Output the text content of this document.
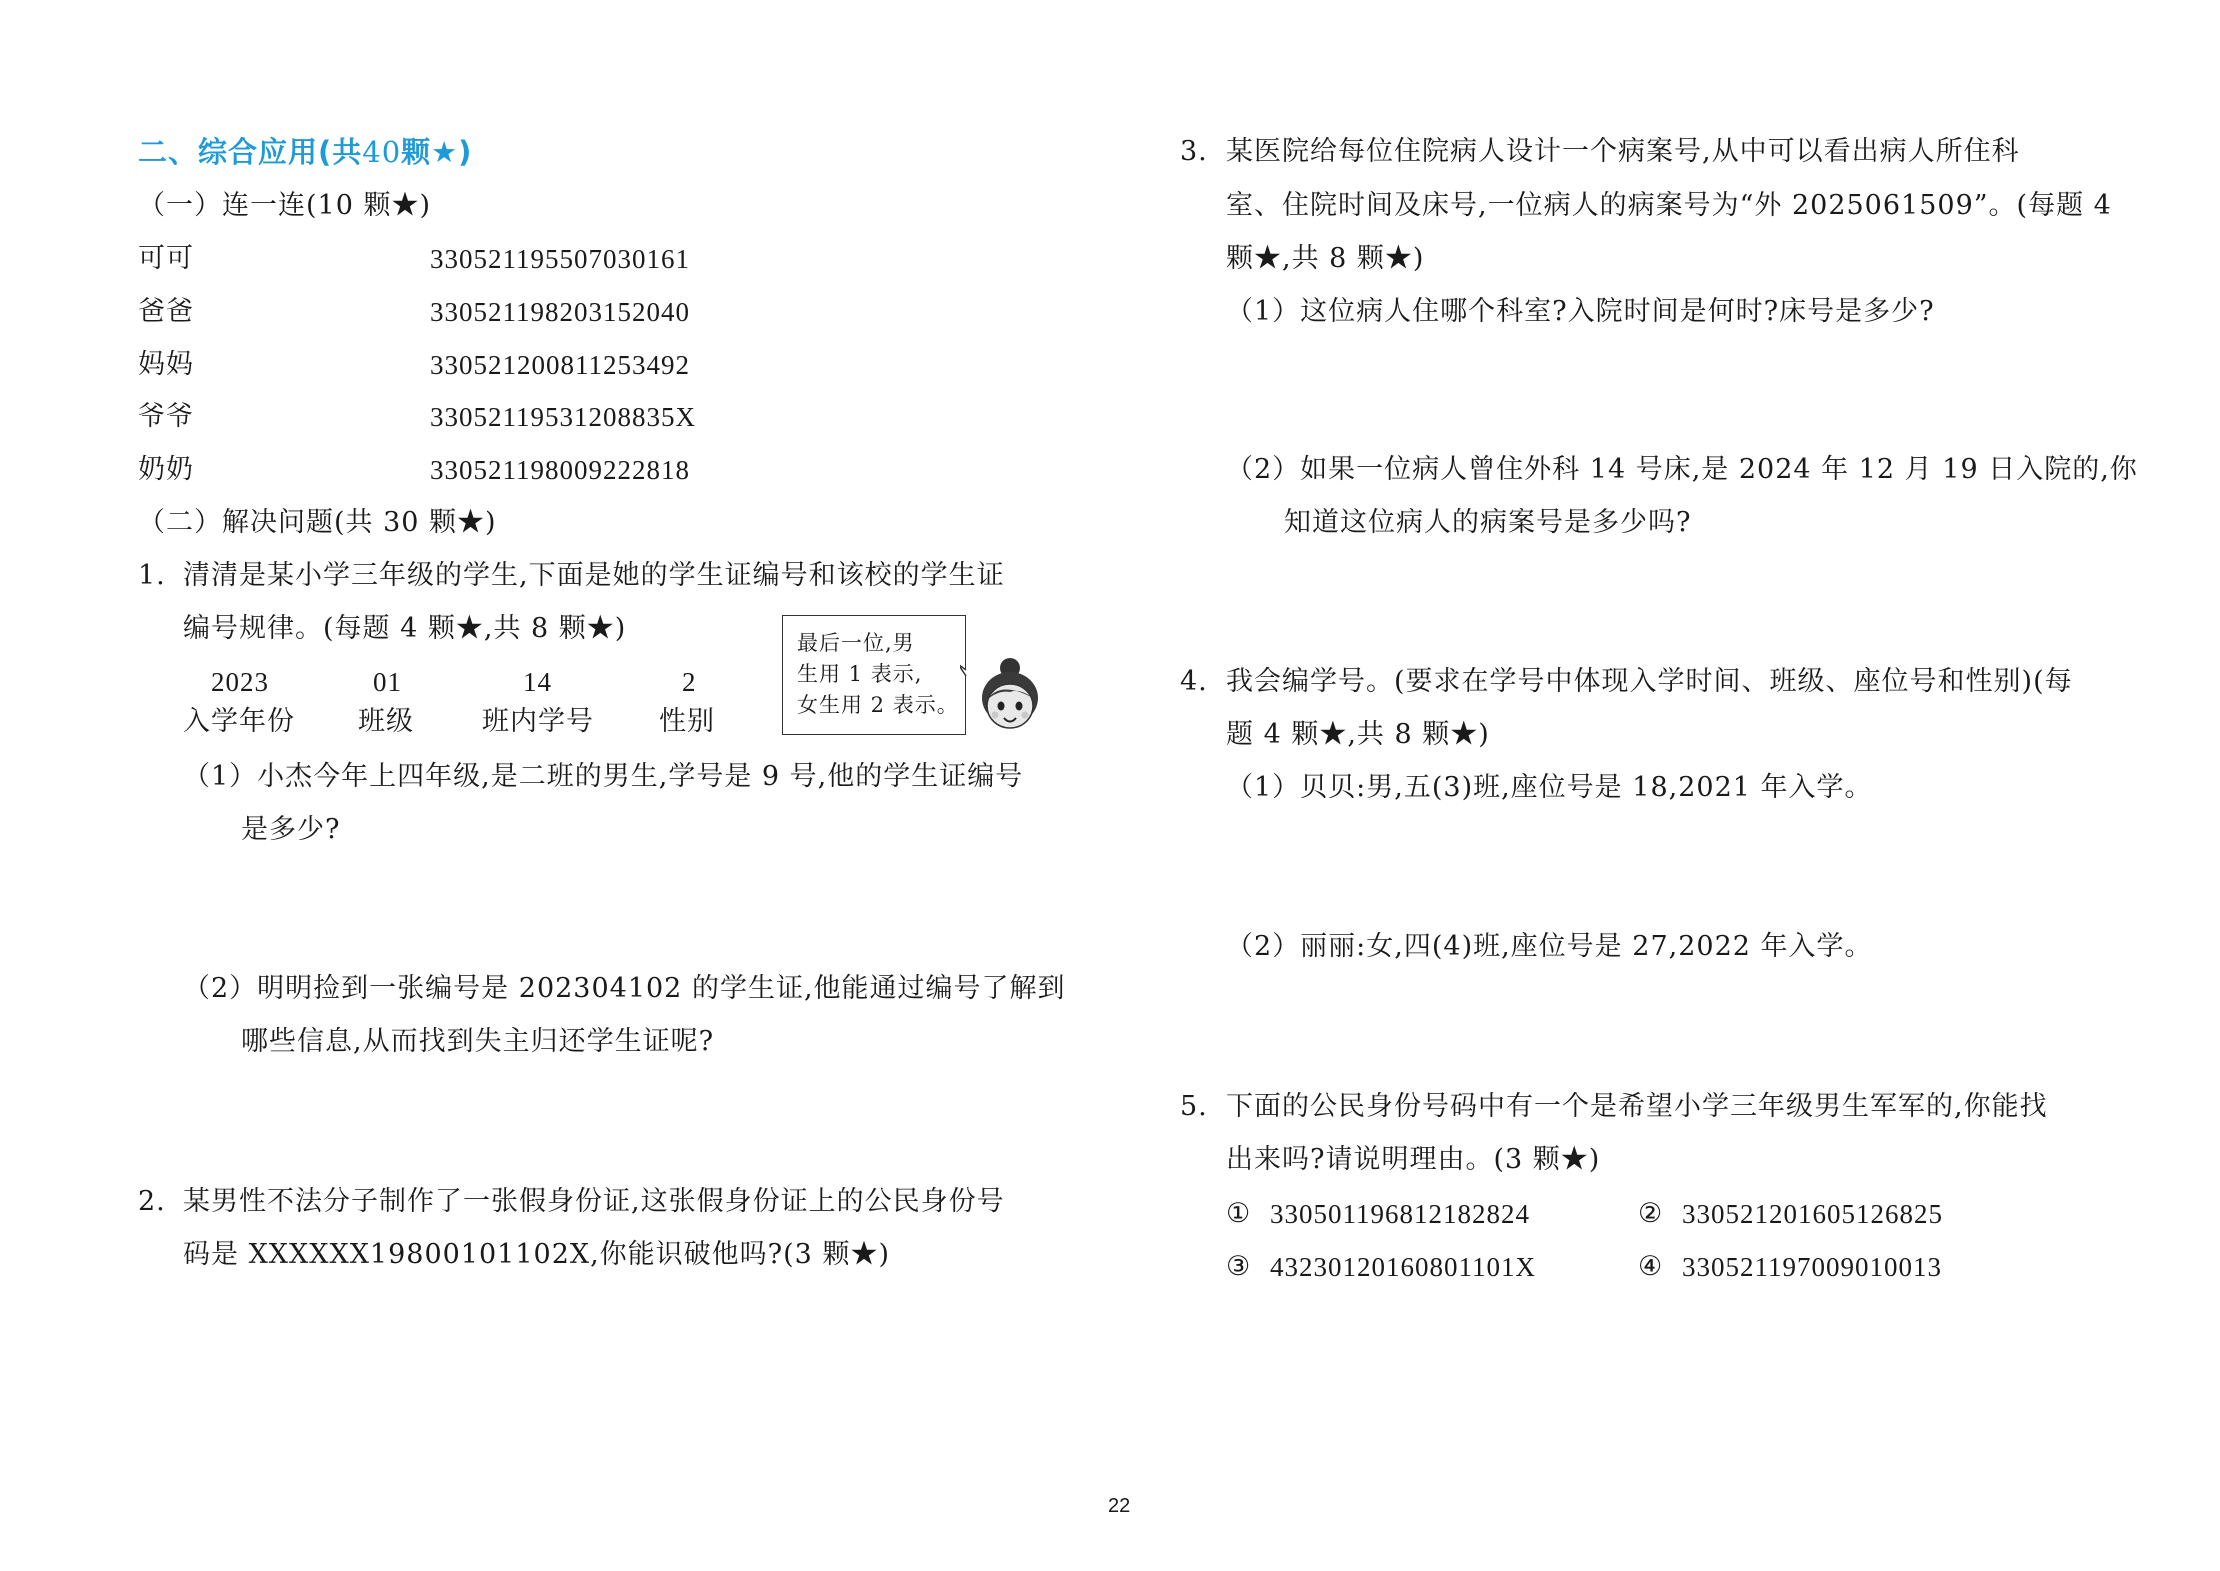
二、综合应用(共40颗★)
（一）连一连(10 颗★)
可可	330521195507030161
爸爸	330521198203152040
妈妈	330521200811253492
爷爷	33052119531208835X
奶奶	330521198009222818
（二）解决问题(共 30 颗★)
1. 清清是某小学三年级的学生,下面是她的学生证编号和该校的学生证
编号规律。(每题 4 颗★,共 8 颗★)
2023	01	14	2
入学年份 班级	班内学号 性别
最后一位,男
生用 1 表示,
女生用 2 表示。
（1）小杰今年上四年级,是二班的男生,学号是 9 号,他的学生证编号
是多少?
（2）明明捡到一张编号是 202304102 的学生证,他能通过编号了解到
哪些信息,从而找到失主归还学生证呢?
2. 某男性不法分子制作了一张假身份证,这张假身份证上的公民身份号
码是 XXXXXX19800101102X,你能识破他吗?(3 颗★)
3. 某医院给每位住院病人设计一个病案号,从中可以看出病人所住科
室、住院时间及床号,一位病人的病案号为“外 2025061509”。(每题 4
颗★,共 8 颗★)
（1）这位病人住哪个科室?入院时间是何时?床号是多少?
（2）如果一位病人曾住外科 14 号床,是 2024 年 12 月 19 日入院的,你
知道这位病人的病案号是多少吗?
4. 我会编学号。(要求在学号中体现入学时间、班级、座位号和性别)(每
题 4 颗★,共 8 颗★)
（1）贝贝:男,五(3)班,座位号是 18,2021 年入学。
（2）丽丽:女,四(4)班,座位号是 27,2022 年入学。
5. 下面的公民身份号码中有一个是希望小学三年级男生军军的,你能找
出来吗?请说明理由。(3 颗★)
① 330501196812182824	② 330521201605126825
③ 43230120160801101X	④ 330521197009010013
22
